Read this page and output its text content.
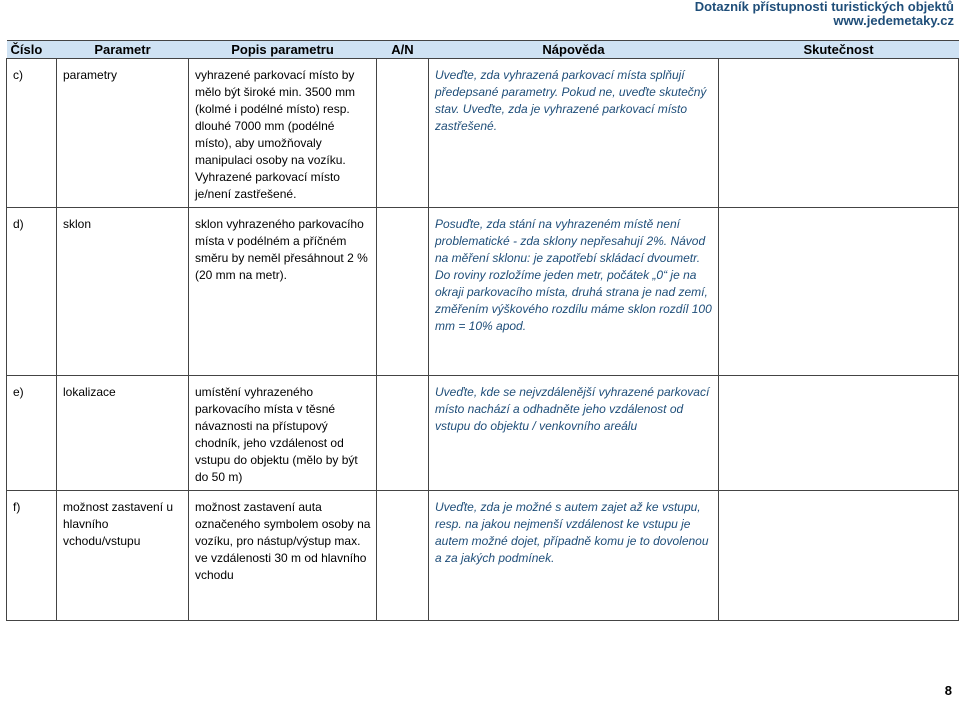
Dotazník přístupnosti turistických objektů
www.jedemetaky.cz
Číslo	Parametr	Popis parametru	A/N	Nápověda	Skutečnost
c)	parametry	vyhrazené parkovací místo by mělo být široké min. 3500 mm (kolmé i podélné místo) resp. dlouhé 7000 mm (podélné místo), aby umožňovaly manipulaci osoby na vozíku. Vyhrazené parkovací místo je/není zastřešené.		Uveďte, zda vyhrazená parkovací místa splňují předepsané parametry. Pokud ne, uveďte skutečný stav. Uveďte, zda je vyhrazené parkovací místo zastřešené.	
d)	sklon	sklon vyhrazeného parkovacího místa v podélném a příčném směru by neměl přesáhnout 2 % (20 mm na metr).		Posuďte, zda stání na vyhrazeném místě není problematické - zda sklony nepřesahují 2%. Návod na měření sklonu: je zapotřebí skládací dvoumetr. Do roviny rozložíme jeden metr, počátek „0“ je na okraji parkovacího místa, druhá strana je nad zemí, změřením výškového rozdílu máme sklon rozdíl 100 mm = 10% apod.	
e)	lokalizace	umístění vyhrazeného parkovacího místa v těsné návaznosti na přístupový chodník, jeho vzdálenost od vstupu do objektu (mělo by být do 50 m)		Uveďte, kde se nejvzdálenější vyhrazené parkovací místo nachází a odhadněte jeho vzdálenost od vstupu do objektu / venkovního areálu	
f)	možnost zastavení u hlavního vchodu/vstupu	možnost zastavení auta označeného symbolem osoby na vozíku, pro nástup/výstup max. ve vzdálenosti 30 m od hlavního vchodu		Uveďte, zda je možné s autem zajet až ke vstupu, resp. na jakou nejmenší vzdálenost ke vstupu je autem možné dojet, případně komu je to dovolenou a za jakých podmínek.	
8
